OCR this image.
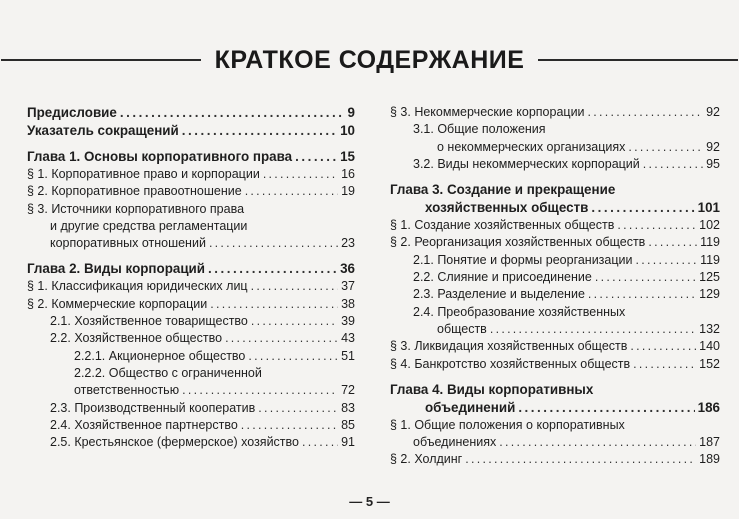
КРАТКОЕ СОДЕРЖАНИЕ
Предисловие . . .	9
Указатель сокращений . . .	10
Глава 1. Основы корпоративного права . . .	15
§ 1. Корпоративное право и корпорации . . .	16
§ 2. Корпоративное правоотношение . . .	19
§ 3. Источники корпоративного права
и другие средства регламентации
корпоративных отношений . . .	23
Глава 2. Виды корпораций . . .	36
§ 1. Классификация юридических лиц . . .	37
§ 2. Коммерческие корпорации . . .	38
2.1. Хозяйственное товарищество . . .	39
2.2. Хозяйственное общество . . .	43
2.2.1. Акционерное общество . . .	51
2.2.2. Общество с ограниченной
ответственностью . . .	72
2.3. Производственный кооператив . . .	83
2.4. Хозяйственное партнерство . . .	85
2.5. Крестьянское (фермерское) хозяйство . . .	91
§ 3. Некоммерческие корпорации . . .	92
3.1. Общие положения
о некоммерческих организациях . . .	92
3.2. Виды некоммерческих корпораций . . .	95
Глава 3. Создание и прекращение
хозяйственных обществ . . .	101
§ 1. Создание хозяйственных обществ . . .	102
§ 2. Реорганизация хозяйственных обществ . . .	119
2.1. Понятие и формы реорганизации . . .	119
2.2. Слияние и присоединение . . .	125
2.3. Разделение и выделение . . .	129
2.4. Преобразование хозяйственных
обществ . . .	132
§ 3. Ликвидация хозяйственных обществ . . .	140
§ 4. Банкротство хозяйственных обществ . . .	152
Глава 4. Виды корпоративных
объединений . . .	186
§ 1. Общие положения о корпоративных
объединениях . . .	187
§ 2. Холдинг . . .	189
— 5 —
